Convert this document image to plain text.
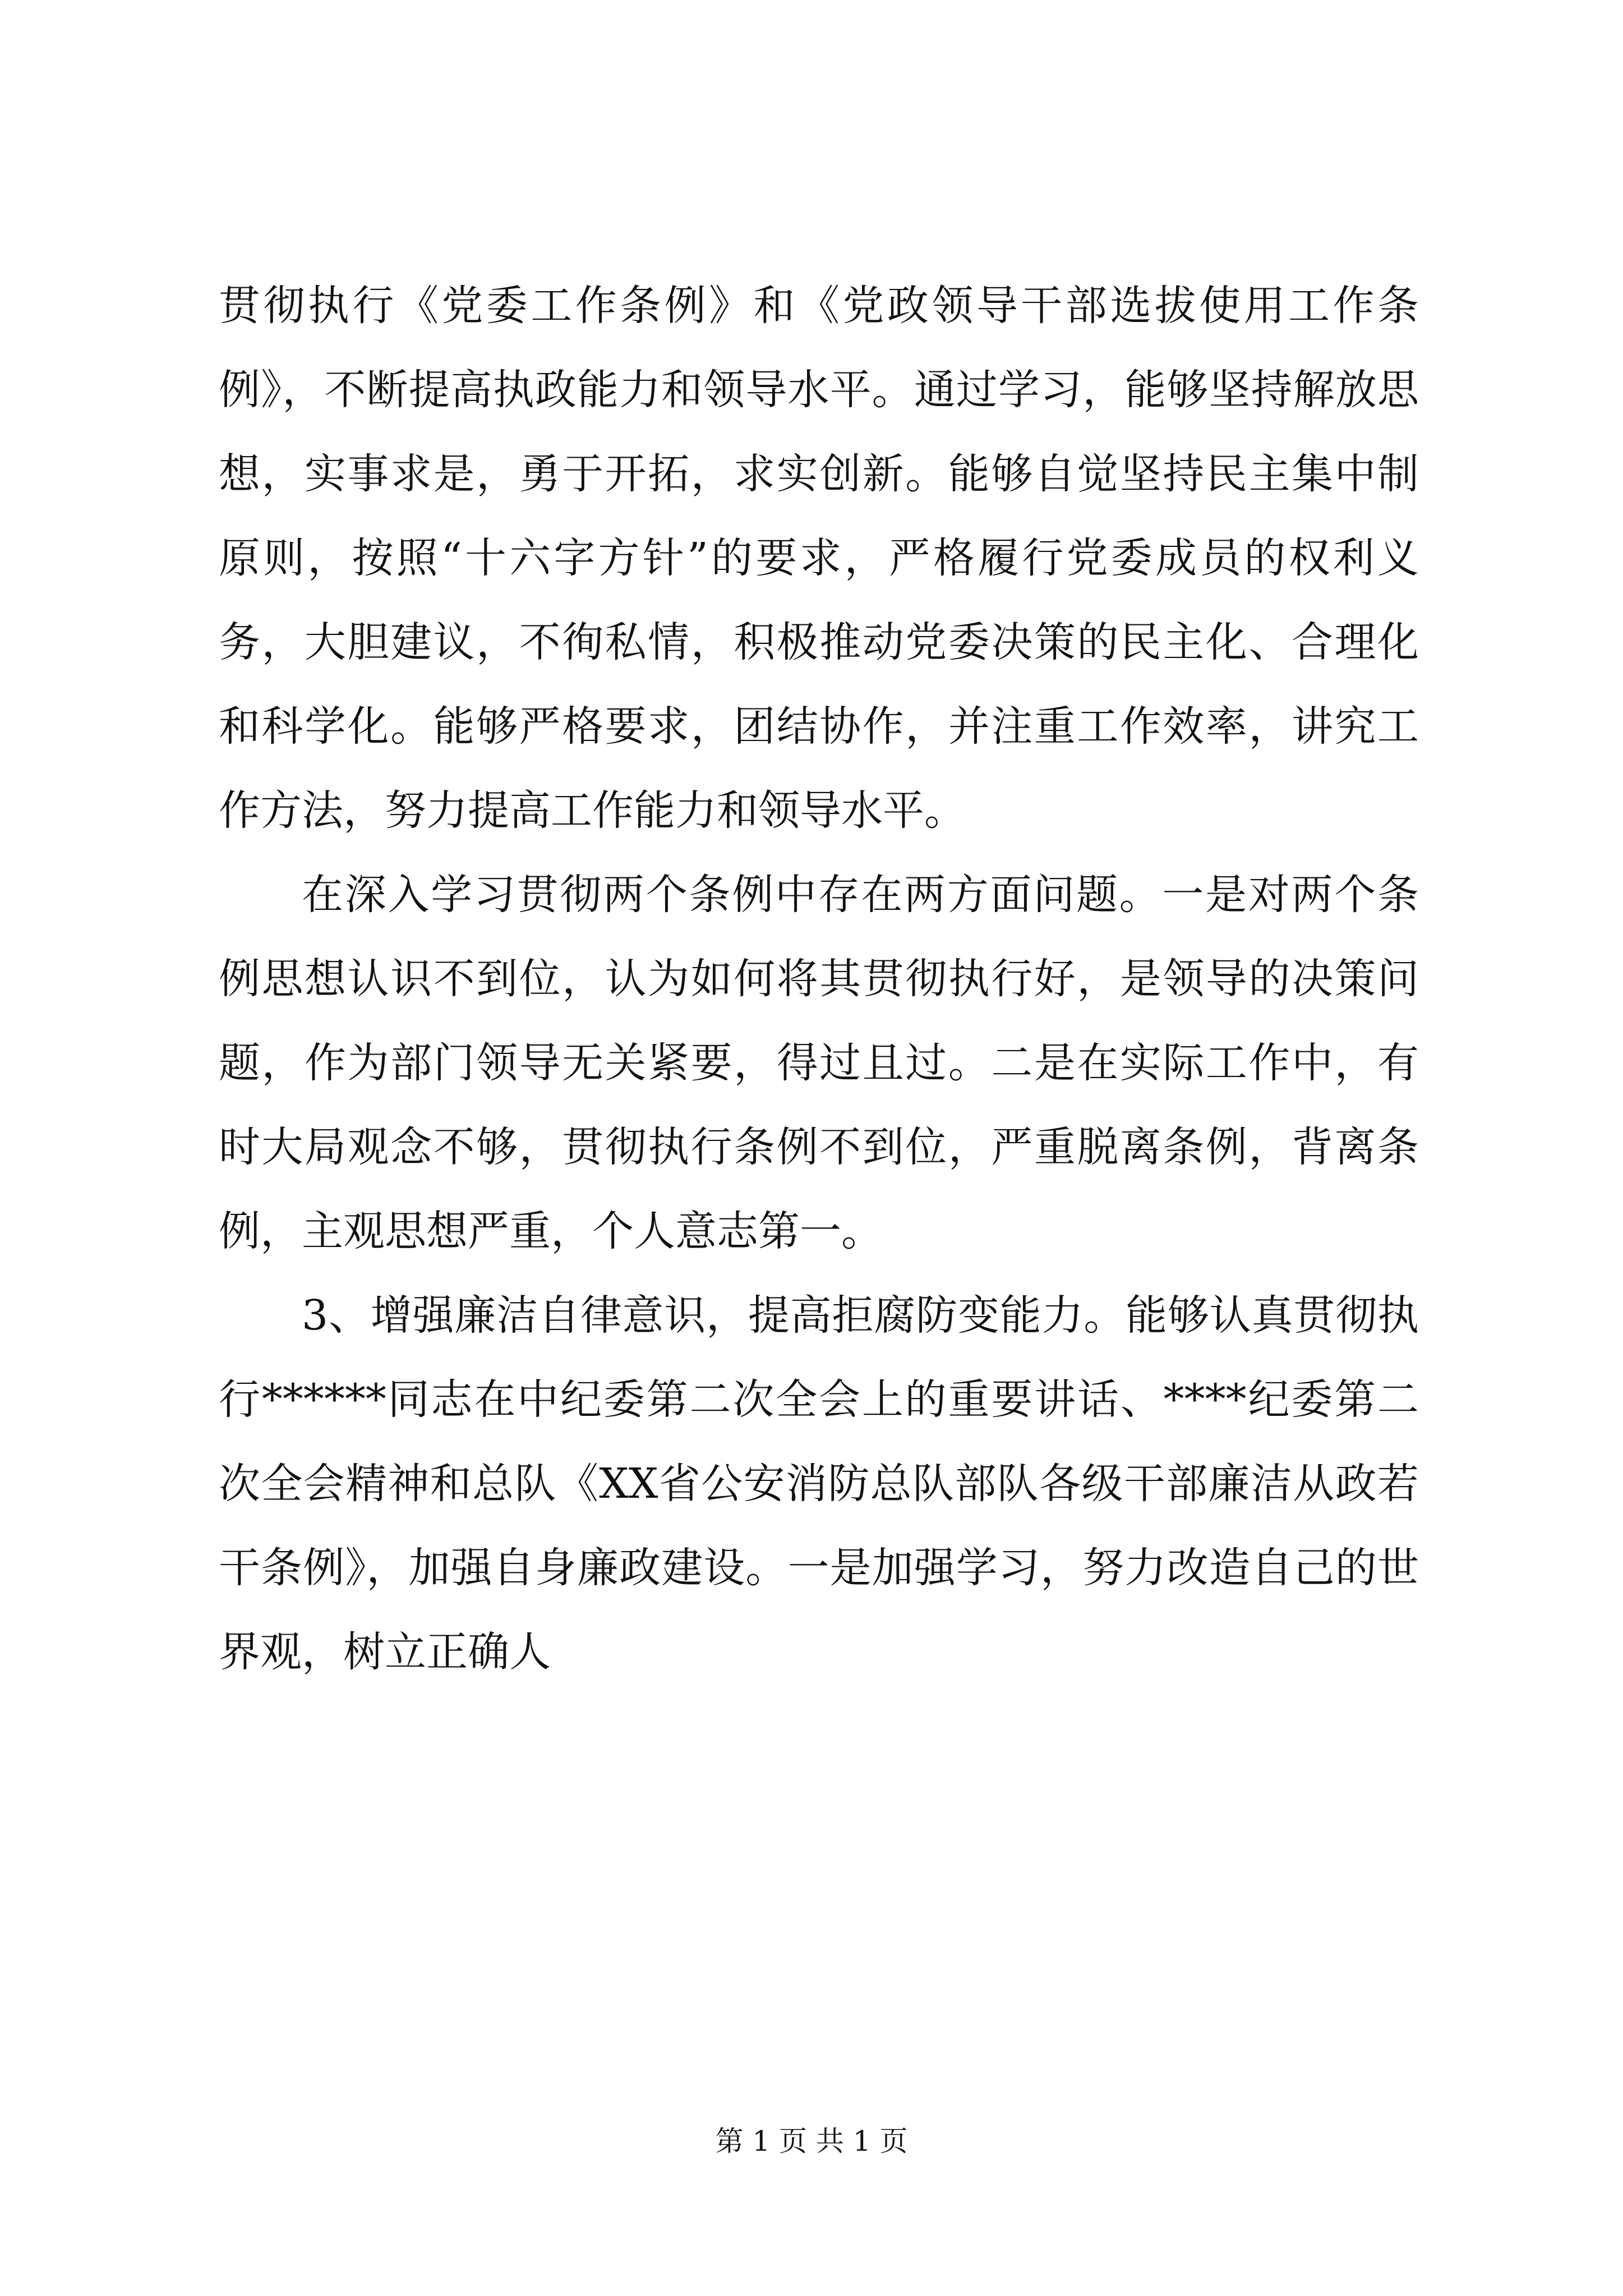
贯彻执行《党委工作条例》和《党政领导干部选拔使用工作条例》，不断提高执政能力和领导水平。通过学习，能够坚持解放思想，实事求是，勇于开拓，求实创新。能够自觉坚持民主集中制原则，按照“十六字方针”的要求，严格履行党委成员的权利义务，大胆建议，不徇私情，积极推动党委决策的民主化、合理化和科学化。能够严格要求，团结协作，并注重工作效率，讲究工作方法，努力提高工作能力和领导水平。

在深入学习贯彻两个条例中存在两方面问题。一是对两个条例思想认识不到位，认为如何将其贯彻执行好，是领导的决策问题，作为部门领导无关紧要，得过且过。二是在实际工作中，有时大局观念不够，贯彻执行条例不到位，严重脱离条例，背离条例，主观思想严重，个人意志第一。

3、增强廉洁自律意识，提高拒腐防变能力。能够认真贯彻执行******同志在中纪委第二次全会上的重要讲话、****纪委第二次全会精神和总队《XX省公安消防总队部队各级干部廉洁从政若干条例》，加强自身廉政建设。一是加强学习，努力改造自己的世界观，树立正确人

第 1 页 共 1 页
